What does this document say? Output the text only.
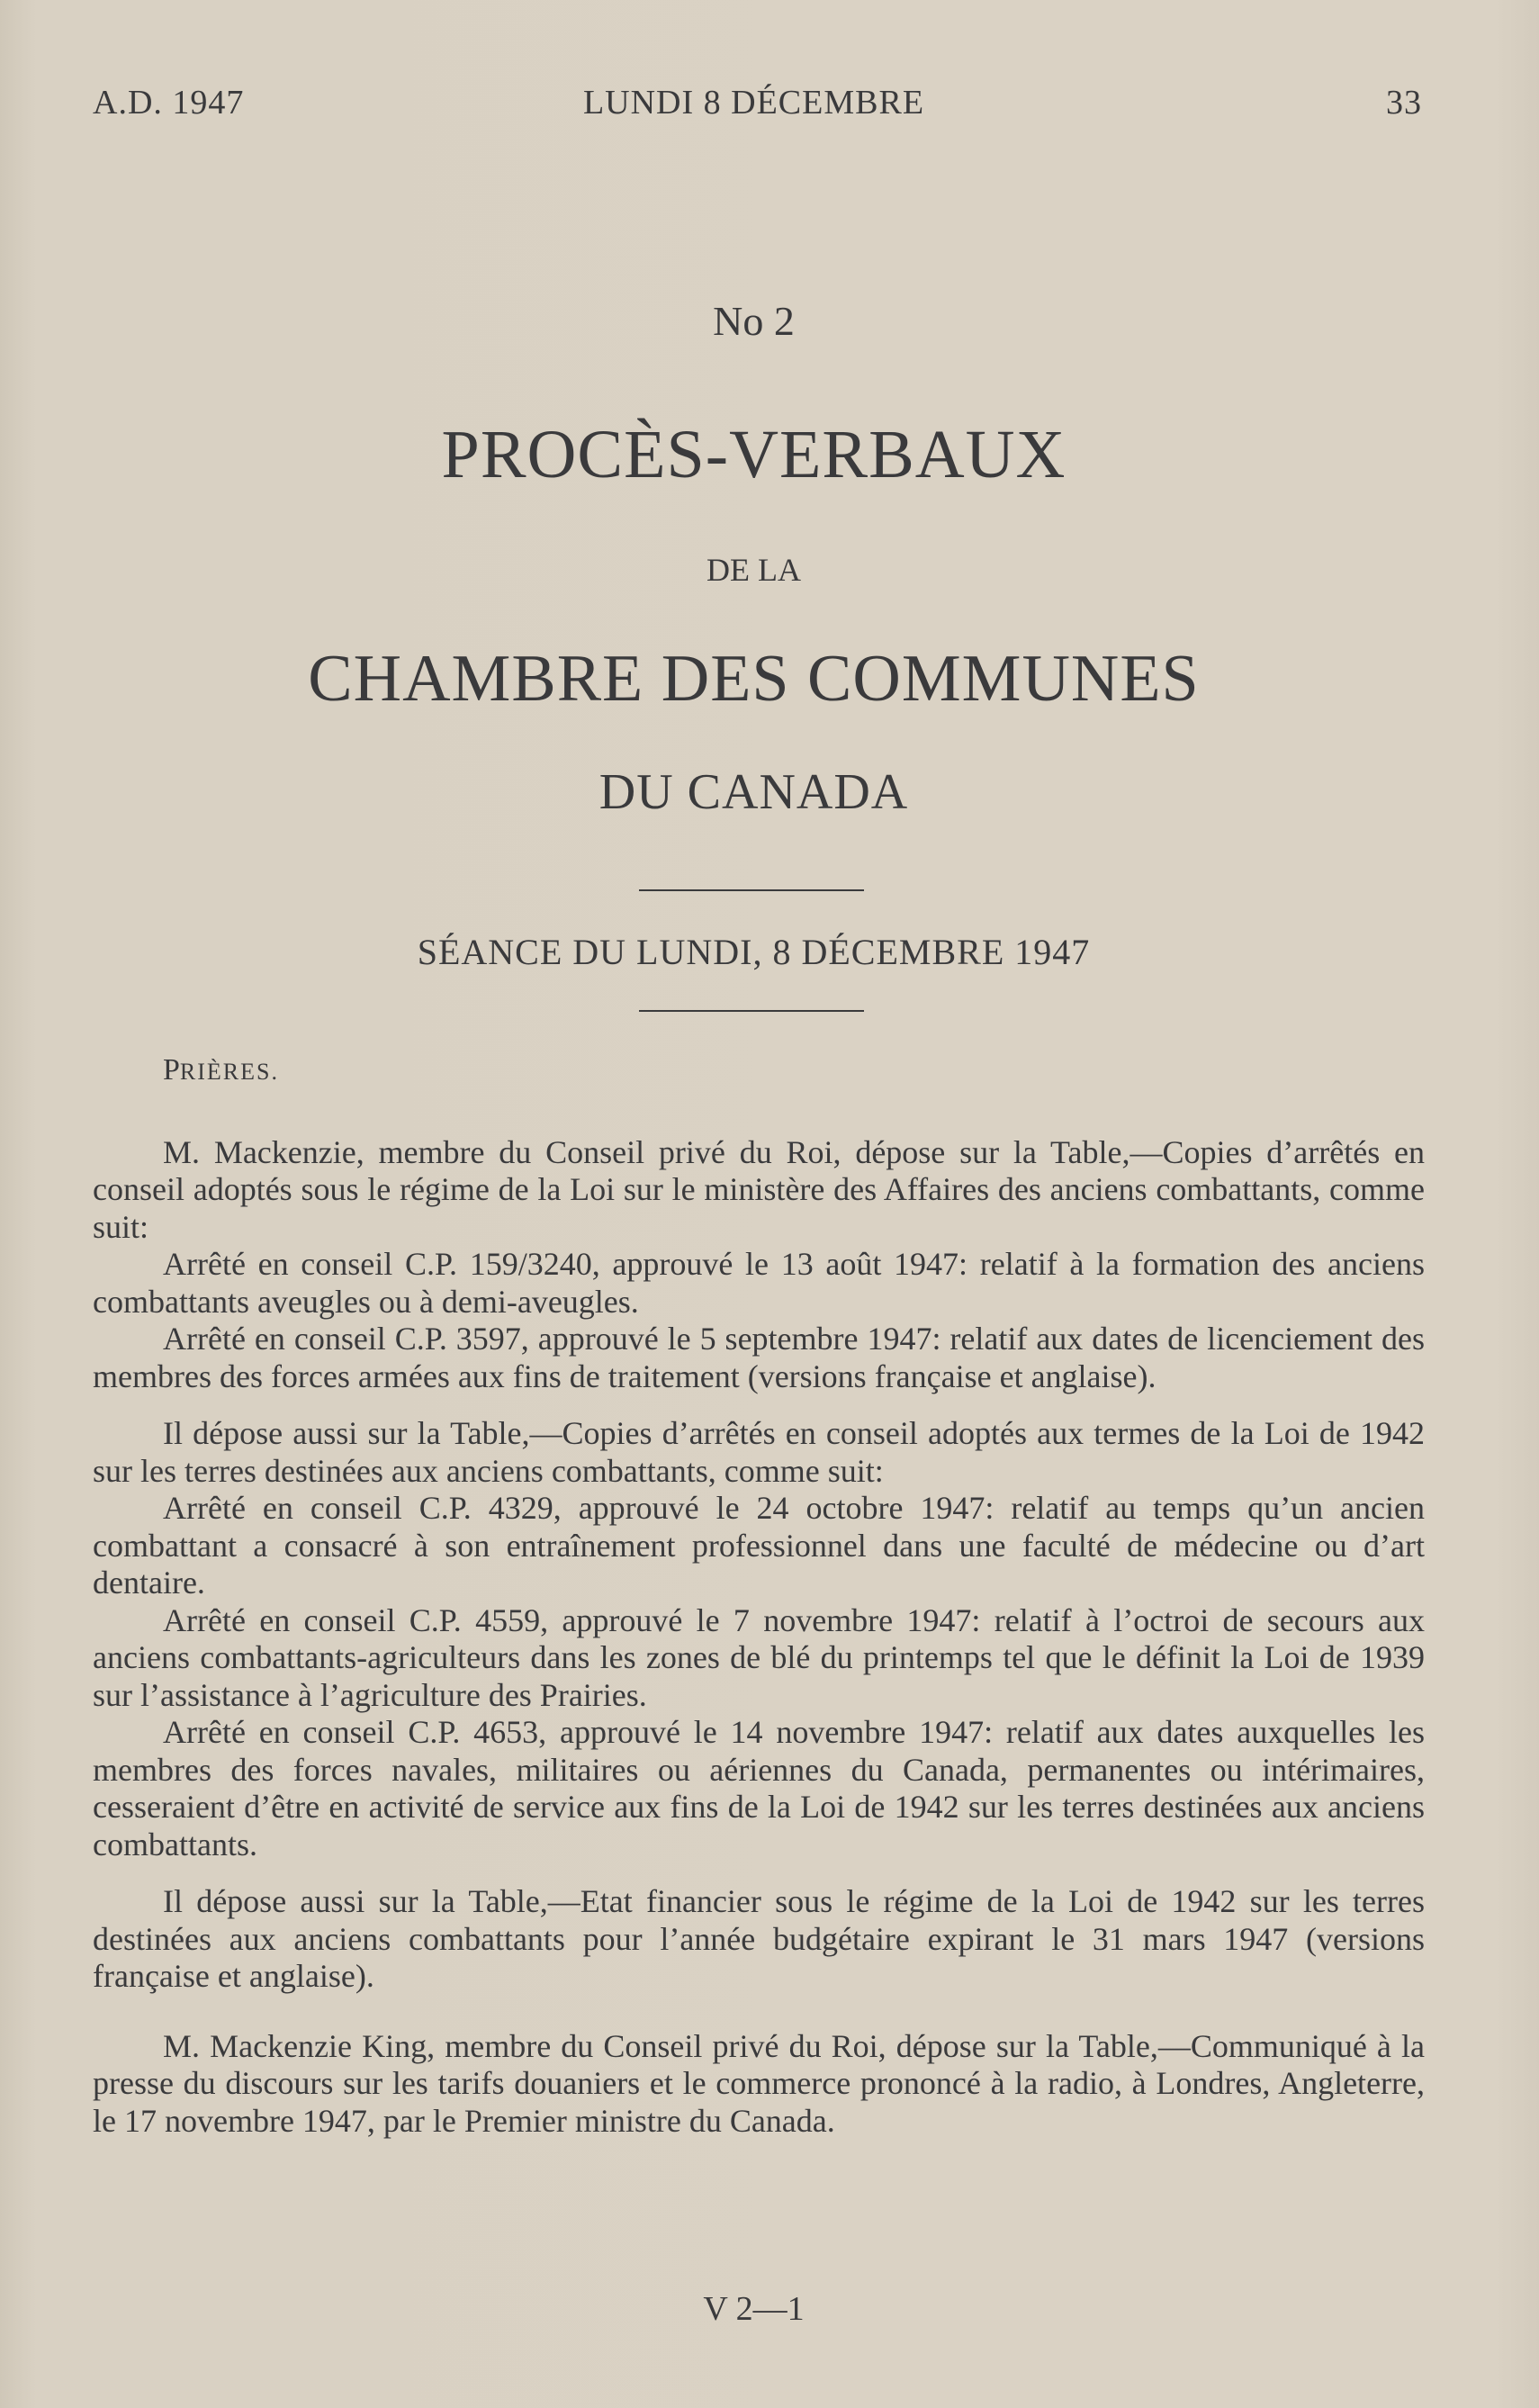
A.D. 1947	LUNDI 8 DÉCEMBRE	33
No 2
PROCÈS-VERBAUX
DE LA
CHAMBRE DES COMMUNES
DU CANADA
SÉANCE DU LUNDI, 8 DÉCEMBRE 1947
PRIÈRES.

M. Mackenzie, membre du Conseil privé du Roi, dépose sur la Table,—Copies d’arrêtés en conseil adoptés sous le régime de la Loi sur le ministère des Affaires des anciens combattants, comme suit:

Arrêté en conseil C.P. 159/3240, approuvé le 13 août 1947: relatif à la formation des anciens combattants aveugles ou à demi-aveugles.

Arrêté en conseil C.P. 3597, approuvé le 5 septembre 1947: relatif aux dates de licenciement des membres des forces armées aux fins de traitement (versions française et anglaise).

Il dépose aussi sur la Table,—Copies d’arrêtés en conseil adoptés aux termes de la Loi de 1942 sur les terres destinées aux anciens combattants, comme suit:

Arrêté en conseil C.P. 4329, approuvé le 24 octobre 1947: relatif au temps qu’un ancien combattant a consacré à son entraînement professionnel dans une faculté de médecine ou d’art dentaire.

Arrêté en conseil C.P. 4559, approuvé le 7 novembre 1947: relatif à l’octroi de secours aux anciens combattants-agriculteurs dans les zones de blé du printemps tel que le définit la Loi de 1939 sur l’assistance à l’agriculture des Prairies.

Arrêté en conseil C.P. 4653, approuvé le 14 novembre 1947: relatif aux dates auxquelles les membres des forces navales, militaires ou aériennes du Canada, permanentes ou intérimaires, cesseraient d’être en activité de service aux fins de la Loi de 1942 sur les terres destinées aux anciens combattants.

Il dépose aussi sur la Table,—Etat financier sous le régime de la Loi de 1942 sur les terres destinées aux anciens combattants pour l’année budgétaire expirant le 31 mars 1947 (versions française et anglaise).

M. Mackenzie King, membre du Conseil privé du Roi, dépose sur la Table,—Communiqué à la presse du discours sur les tarifs douaniers et le commerce prononcé à la radio, à Londres, Angleterre, le 17 novembre 1947, par le Premier ministre du Canada.

V 2—1
